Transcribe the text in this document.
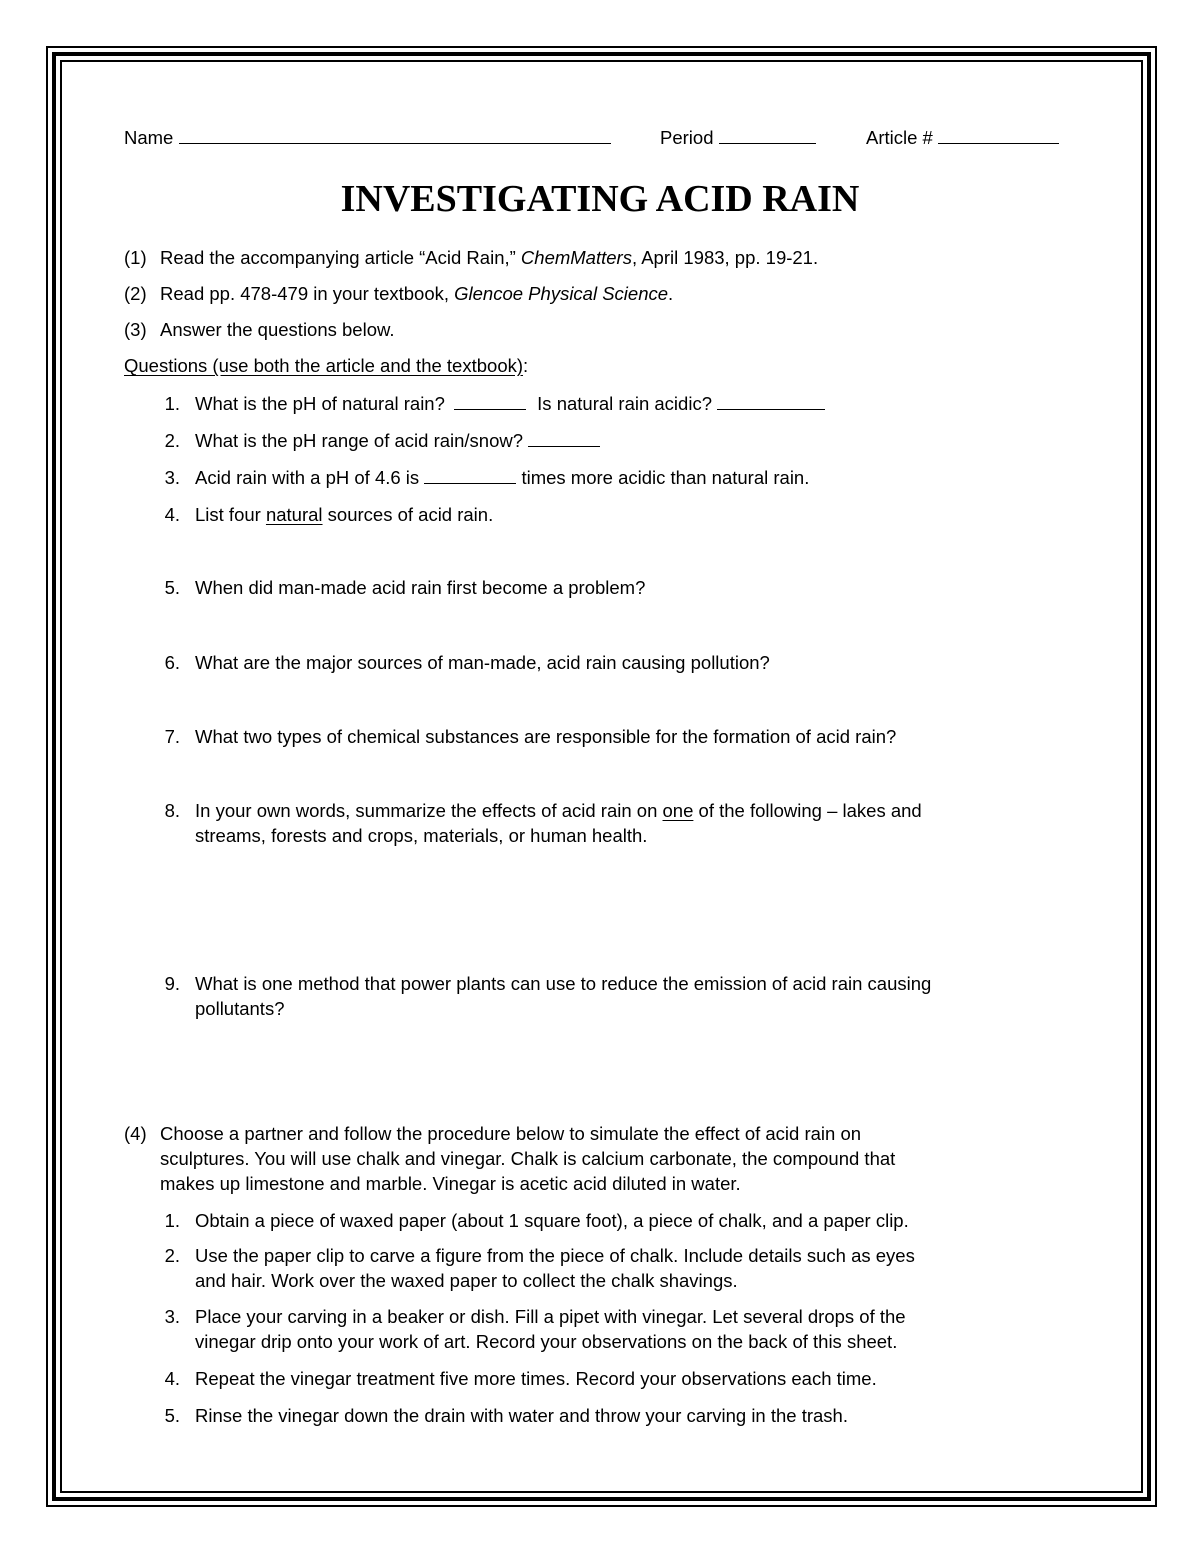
Name	Period	Article #
INVESTIGATING ACID RAIN
(1) Read the accompanying article “Acid Rain,” ChemMatters, April 1983, pp. 19-21.
(2) Read pp. 478-479 in your textbook, Glencoe Physical Science.
(3) Answer the questions below.
Questions (use both the article and the textbook):
1. What is the pH of natural rain?	Is natural rain acidic?
2. What is the pH range of acid rain/snow?
3. Acid rain with a pH of 4.6 is	times more acidic than natural rain.
4. List four natural sources of acid rain.
5. When did man-made acid rain first become a problem?
6. What are the major sources of man-made, acid rain causing pollution?
7. What two types of chemical substances are responsible for the formation of acid rain?
8. In your own words, summarize the effects of acid rain on one of the following – lakes and
streams, forests and crops, materials, or human health.
9. What is one method that power plants can use to reduce the emission of acid rain causing
pollutants?
(4) Choose a partner and follow the procedure below to simulate the effect of acid rain on
sculptures. You will use chalk and vinegar. Chalk is calcium carbonate, the compound that
makes up limestone and marble. Vinegar is acetic acid diluted in water.
1. Obtain a piece of waxed paper (about 1 square foot), a piece of chalk, and a paper clip.
2. Use the paper clip to carve a figure from the piece of chalk. Include details such as eyes
and hair. Work over the waxed paper to collect the chalk shavings.
3. Place your carving in a beaker or dish. Fill a pipet with vinegar. Let several drops of the
vinegar drip onto your work of art. Record your observations on the back of this sheet.
4. Repeat the vinegar treatment five more times. Record your observations each time.
5. Rinse the vinegar down the drain with water and throw your carving in the trash.
